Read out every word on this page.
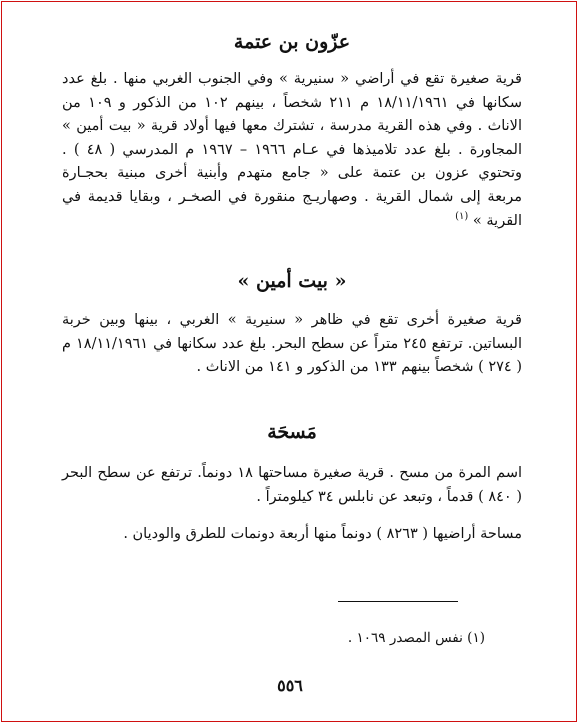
عزّون بن عتمة
قرية صغيرة تقع في أراضي « سنيرية » وفي الجنوب الغربي منها . بلغ عدد
سكانها في ١٨/١١/١٩٦١ م ٢١١ شخصاً ، بينهم ١٠٢ من الذكور و ١٠٩ من
الاناث . وفي هذه القرية مدرسة ، تشترك معها فيها أولاد قرية « بيت أمين »
المجاورة . بلغ عدد تلاميذها في عـام ١٩٦٦ – ١٩٦٧ م المدرسي ( ٤٨ ) .
وتحتوي عزون بن عتمة على « جامع متهدم وأبنية أخرى مبنية بحجـارة
مربعة إلى شمال القرية . وصهاريـج منقورة في الصخـر ، وبقايا قديمة في
القرية » $^{(١)}$
« بيت أمين »
قرية صغيرة أخرى تقع في ظاهر « سنيرية » الغربي ، بينها وبين خربة
البساتين. ترتفع ٢٤٥ متراً عن سطح البحر. بلغ عدد سكانها في ١٨/١١/١٩٦١ م
( ٢٧٤ ) شخصاً بينهم ١٣٣ من الذكور و ١٤١ من الاناث .
مَسحَة
اسم المرة من مسح . قرية صغيرة مساحتها ١٨ دونماً. ترتفع عن سطح البحر
( ٨٤٠ ) قدماً ، وتبعد عن نابلس ٣٤ كيلومتراً .
مساحة أراضيها ( ٨٢٦٣ ) دونماً منها أربعة دونمات للطرق والوديان .
(١) نفس المصدر ١٠٦٩ .
٥٥٦
